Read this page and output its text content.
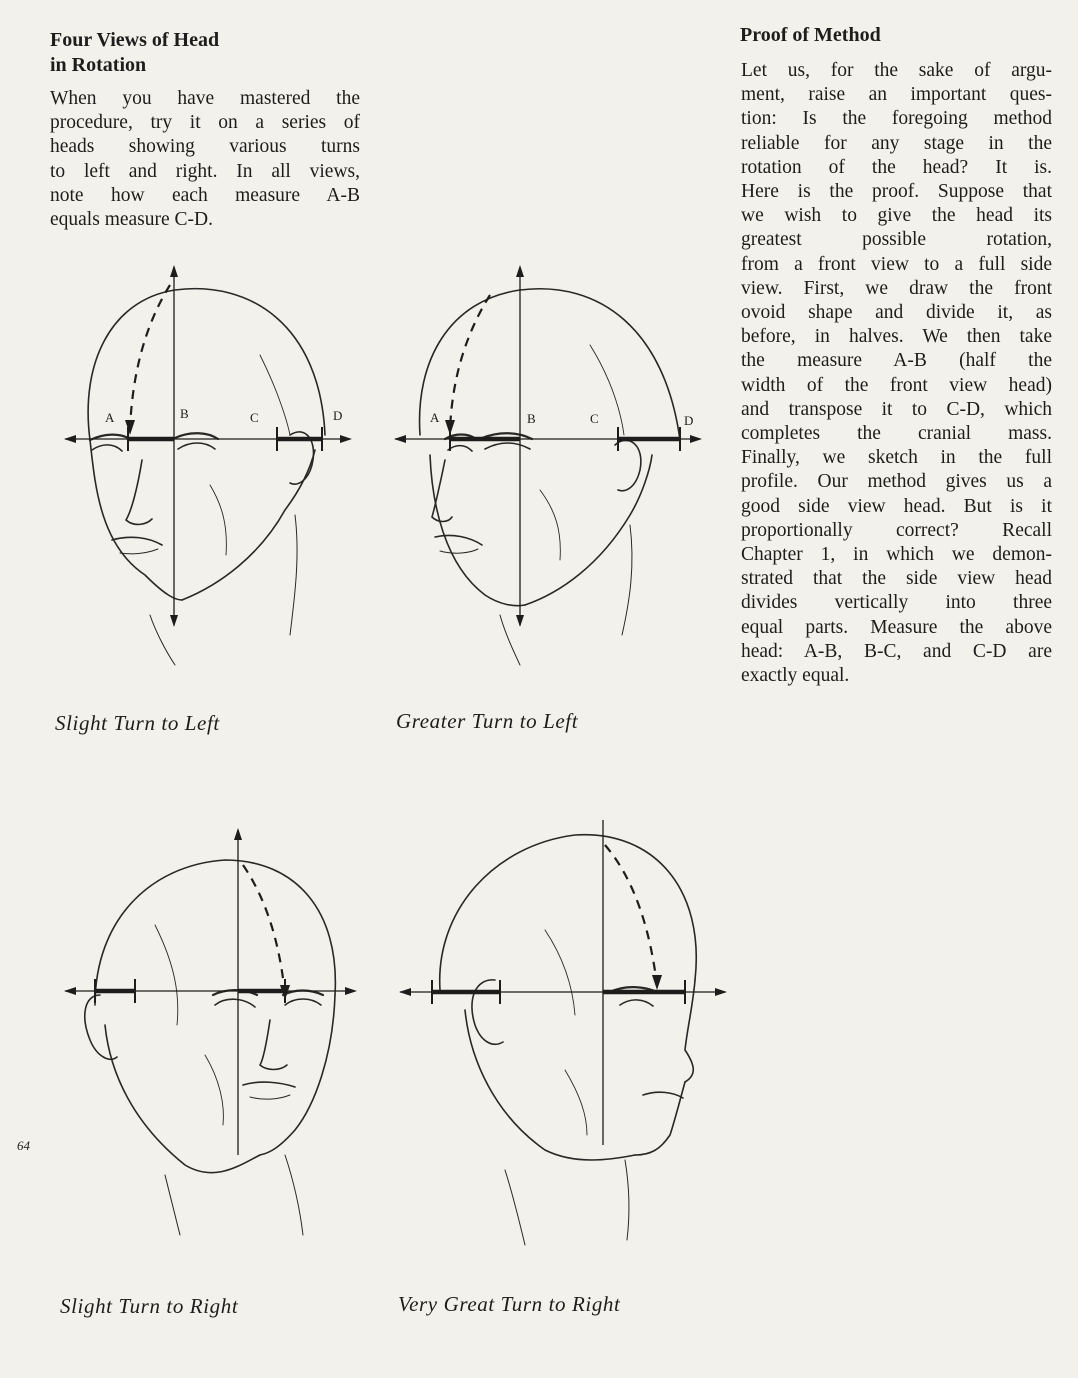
Four Views of Head
in Rotation
When you have mastered the
procedure, try it on a series of
heads showing various turns
to left and right. In all views,
note how each measure A-B
equals measure C-D.
Proof of Method
Let us, for the sake of argu-
ment, raise an important ques-
tion: Is the foregoing method
reliable for any stage in the
rotation of the head? It is.
Here is the proof. Suppose that
we wish to give the head its
greatest possible rotation,
from a front view to a full side
view. First, we draw the front
ovoid shape and divide it, as
before, in halves. We then take
the measure A-B (half the
width of the front view head)
and transpose it to C-D, which
completes the cranial mass.
Finally, we sketch in the full
profile. Our method gives us a
good side view head. But is it
proportionally correct? Recall
Chapter 1, in which we demon-
strated that the side view head
divides vertically into three
equal parts. Measure the above
head: A-B, B-C, and C-D are
exactly equal.
A	B	C	D	A	B	C	D
Slight Turn to Left	Greater Turn to Left
Slight Turn to Right	Very Great Turn to Right
64
